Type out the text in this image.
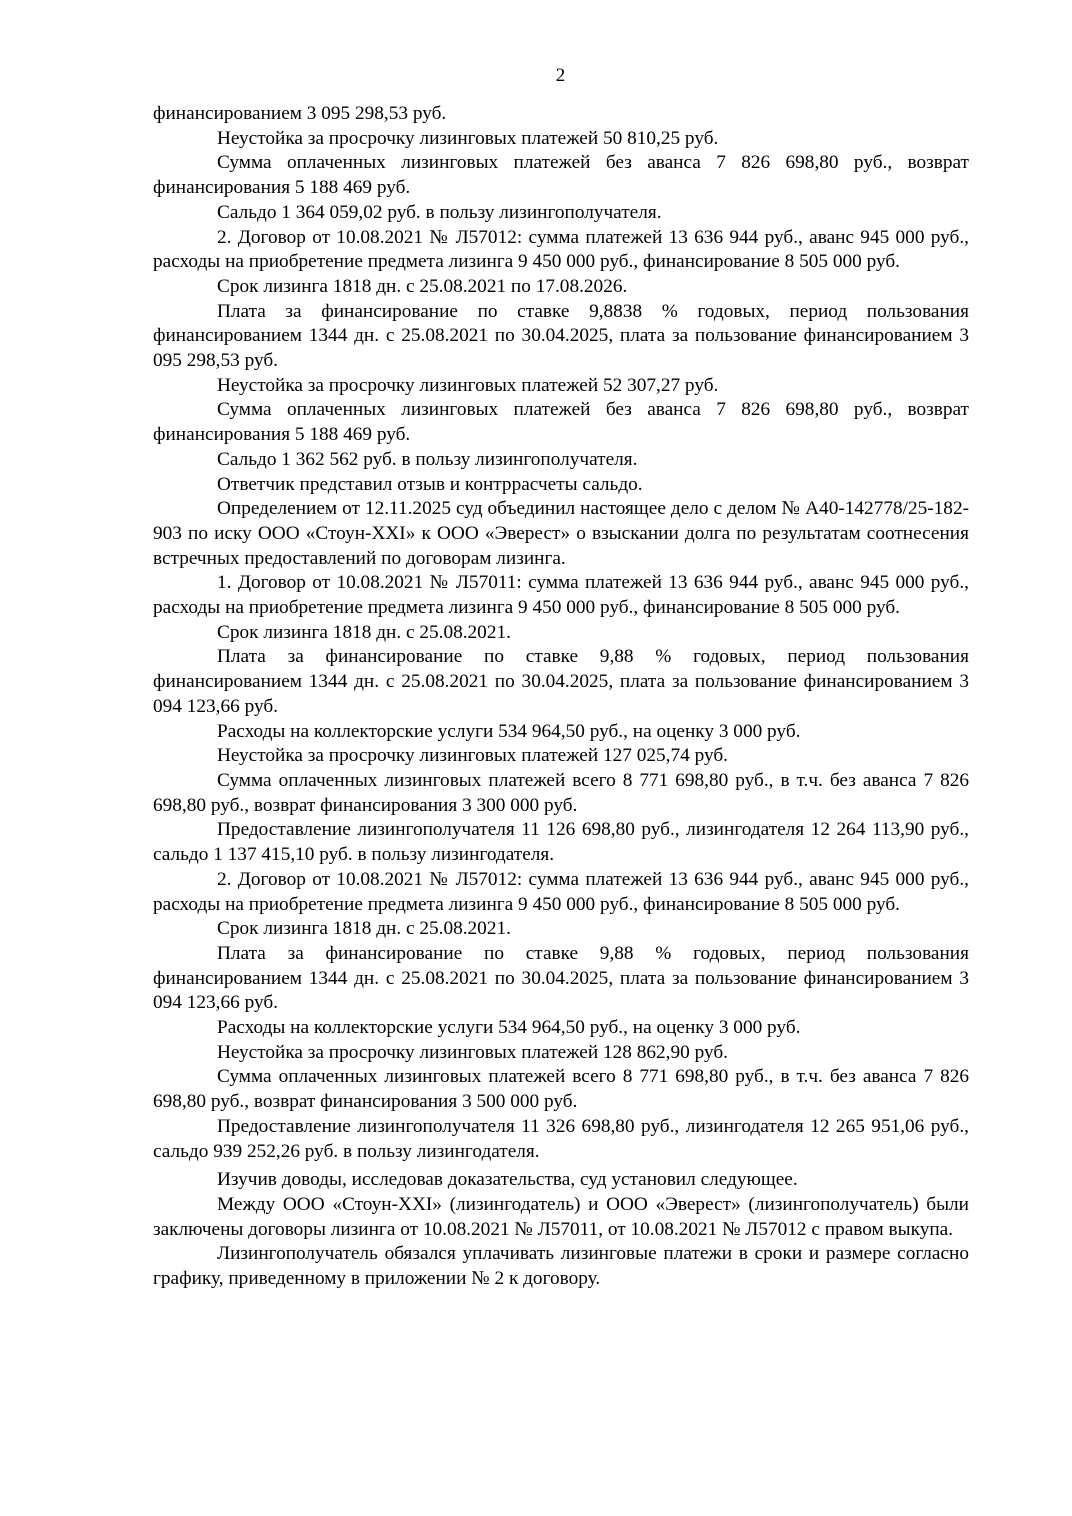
2

финансированием 3 095 298,53 руб.

Неустойка за просрочку лизинговых платежей 50 810,25 руб.

Сумма оплаченных лизинговых платежей без аванса 7 826 698,80 руб., возврат финансирования 5 188 469 руб.

Сальдо 1 364 059,02 руб. в пользу лизингополучателя.

2. Договор от 10.08.2021 № Л57012: сумма платежей 13 636 944 руб., аванс 945 000 руб., расходы на приобретение предмета лизинга 9 450 000 руб., финансирование 8 505 000 руб.

Срок лизинга 1818 дн. с 25.08.2021 по 17.08.2026.

Плата за финансирование по ставке 9,8838 % годовых, период пользования финансированием 1344 дн. с 25.08.2021 по 30.04.2025, плата за пользование финансированием 3 095 298,53 руб.

Неустойка за просрочку лизинговых платежей 52 307,27 руб.

Сумма оплаченных лизинговых платежей без аванса 7 826 698,80 руб., возврат финансирования 5 188 469 руб.

Сальдо 1 362 562 руб. в пользу лизингополучателя.

Ответчик представил отзыв и контррасчеты сальдо.

Определением от 12.11.2025 суд объединил настоящее дело с делом № А40-142778/25-182-903 по иску ООО «Стоун-XXI» к ООО «Эверест» о взыскании долга по результатам соотнесения встречных предоставлений по договорам лизинга.

1. Договор от 10.08.2021 № Л57011: сумма платежей 13 636 944 руб., аванс 945 000 руб., расходы на приобретение предмета лизинга 9 450 000 руб., финансирование 8 505 000 руб.

Срок лизинга 1818 дн. с 25.08.2021.

Плата за финансирование по ставке 9,88 % годовых, период пользования финансированием 1344 дн. с 25.08.2021 по 30.04.2025, плата за пользование финансированием 3 094 123,66 руб.

Расходы на коллекторские услуги 534 964,50 руб., на оценку 3 000 руб.

Неустойка за просрочку лизинговых платежей 127 025,74 руб.

Сумма оплаченных лизинговых платежей всего 8 771 698,80 руб., в т.ч. без аванса 7 826 698,80 руб., возврат финансирования 3 300 000 руб.

Предоставление лизингополучателя 11 126 698,80 руб., лизингодателя 12 264 113,90 руб., сальдо 1 137 415,10 руб. в пользу лизингодателя.

2. Договор от 10.08.2021 № Л57012: сумма платежей 13 636 944 руб., аванс 945 000 руб., расходы на приобретение предмета лизинга 9 450 000 руб., финансирование 8 505 000 руб.

Срок лизинга 1818 дн. с 25.08.2021.

Плата за финансирование по ставке 9,88 % годовых, период пользования финансированием 1344 дн. с 25.08.2021 по 30.04.2025, плата за пользование финансированием 3 094 123,66 руб.

Расходы на коллекторские услуги 534 964,50 руб., на оценку 3 000 руб.

Неустойка за просрочку лизинговых платежей 128 862,90 руб.

Сумма оплаченных лизинговых платежей всего 8 771 698,80 руб., в т.ч. без аванса 7 826 698,80 руб., возврат финансирования 3 500 000 руб.

Предоставление лизингополучателя 11 326 698,80 руб., лизингодателя 12 265 951,06 руб., сальдо 939 252,26 руб. в пользу лизингодателя.

Изучив доводы, исследовав доказательства, суд установил следующее.

Между ООО «Стоун-XXI» (лизингодатель) и ООО «Эверест» (лизингополучатель) были заключены договоры лизинга от 10.08.2021 № Л57011, от 10.08.2021 № Л57012 с правом выкупа.

Лизингополучатель обязался уплачивать лизинговые платежи в сроки и размере согласно графику, приведенному в приложении № 2 к договору.
